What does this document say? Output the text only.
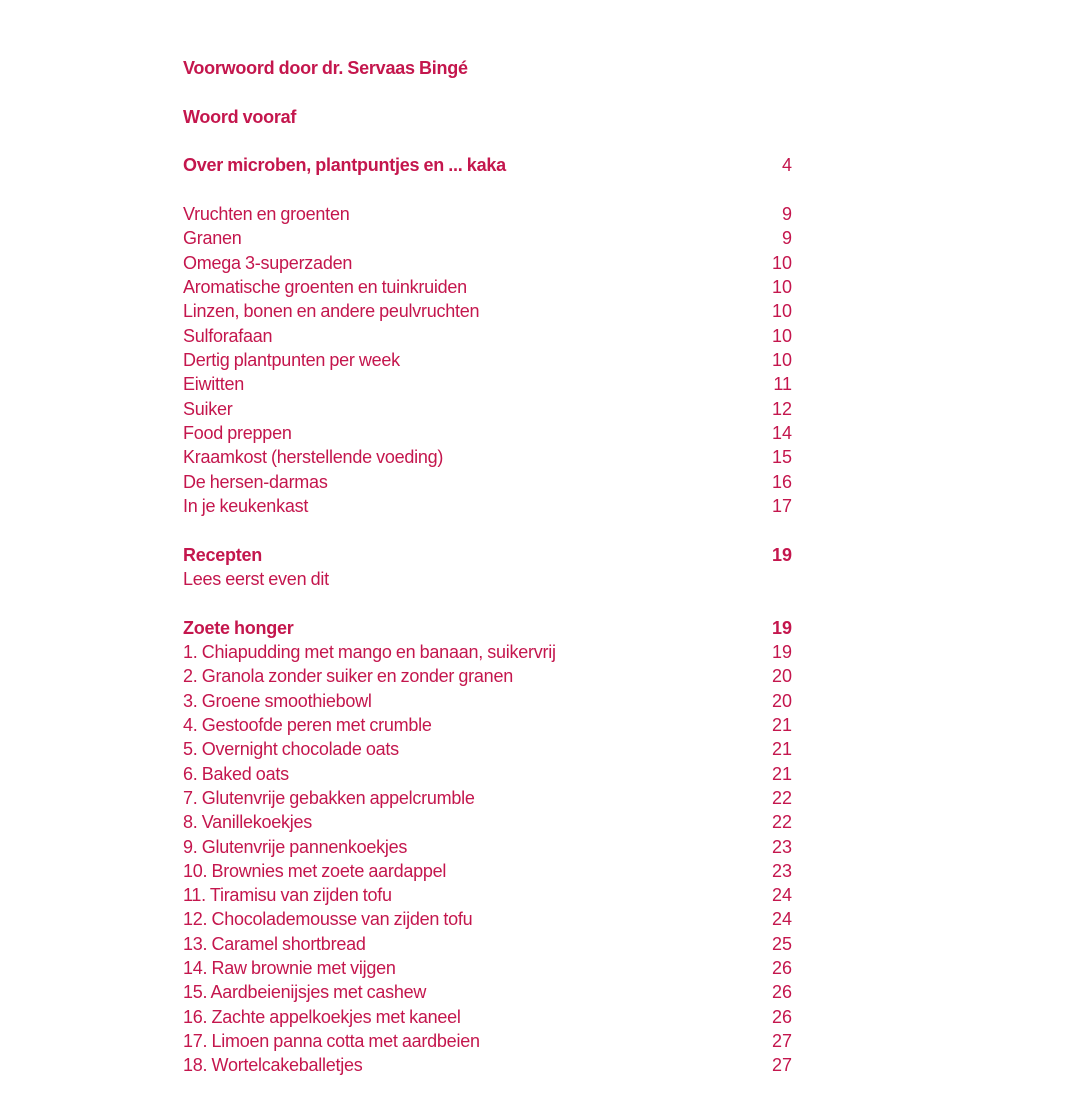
Voorwoord door dr. Servaas Bingé
Woord vooraf
Over microben, plantpuntjes en ... kaka	4
Vruchten en groenten	9
Granen	9
Omega 3-superzaden	10
Aromatische groenten en tuinkruiden	10
Linzen, bonen en andere peulvruchten	10
Sulforafaan	10
Dertig plantpunten per week	10
Eiwitten	11
Suiker	12
Food preppen	14
Kraamkost (herstellende voeding)	15
De hersen-darmas	16
In je keukenkast	17
Recepten	19
Lees eerst even dit
Zoete honger	19
1. Chiapudding met mango en banaan, suikervrij	19
2. Granola zonder suiker en zonder granen	20
3. Groene smoothiebowl	20
4. Gestoofde peren met crumble	21
5. Overnight chocolade oats	21
6. Baked oats	21
7. Glutenvrije gebakken appelcrumble	22
8. Vanillekoekjes	22
9. Glutenvrije pannenkoekjes	23
10. Brownies met zoete aardappel	23
11. Tiramisu van zijden tofu	24
12. Chocolademousse van zijden tofu	24
13. Caramel shortbread	25
14. Raw brownie met vijgen	26
15. Aardbeienijsjes met cashew	26
16. Zachte appelkoekjes met kaneel	26
17. Limoen panna cotta met aardbeien	27
18. Wortelcakeballetjes	27
